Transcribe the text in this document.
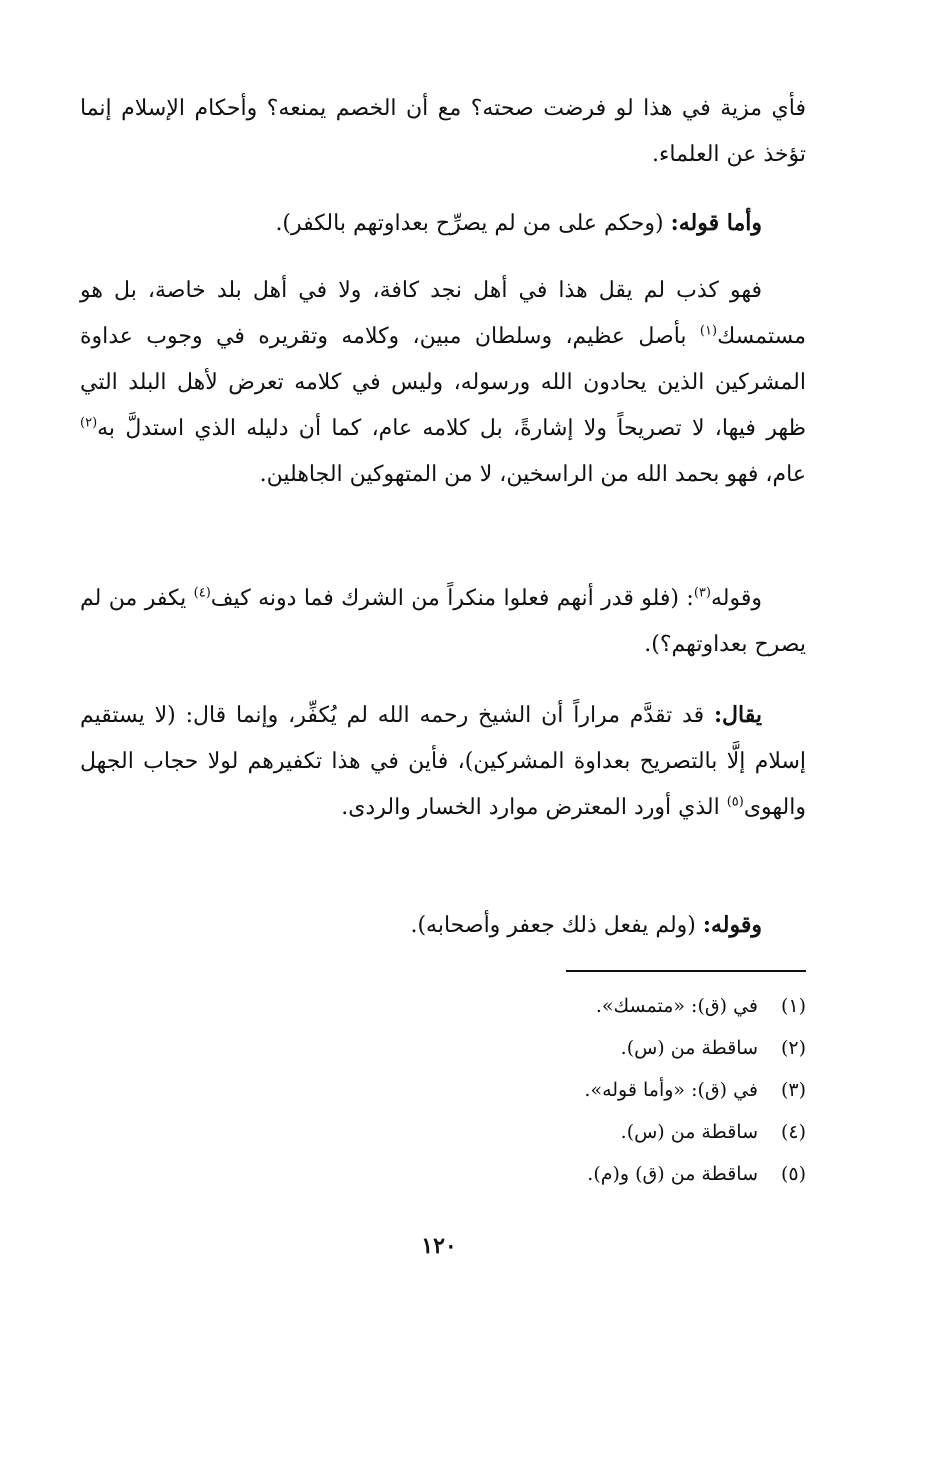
فأي مزية في هذا لو فرضت صحته؟ مع أن الخصم يمنعه؟ وأحكام الإسلام إنما تؤخذ عن العلماء.
وأما قوله: (وحكم على من لم يصرِّح بعداوتهم بالكفر).
فهو كذب لم يقل هذا في أهل نجد كافة، ولا في أهل بلد خاصة، بل هو مستمسك$^{(١)}$ بأصل عظيم، وسلطان مبين، وكلامه وتقريره في وجوب عداوة المشركين الذين يحادون الله ورسوله، وليس في كلامه تعرض لأهل البلد التي ظهر فيها، لا تصريحاً ولا إشارةً، بل كلامه عام، كما أن دليله الذي استدلَّ به$^{(٢)}$ عام، فهو بحمد الله من الراسخين، لا من المتهوكين الجاهلين.
وقوله$^{(٣)}$: (فلو قدر أنهم فعلوا منكراً من الشرك فما دونه كيف$^{(٤)}$ يكفر من لم يصرح بعداوتهم؟).
يقال: قد تقدَّم مراراً أن الشيخ رحمه الله لم يُكفِّر، وإنما قال: (لا يستقيم إسلام إلَّا بالتصريح بعداوة المشركين)، فأين في هذا تكفيرهم لولا حجاب الجهل والهوى$^{(٥)}$ الذي أورد المعترض موارد الخسار والردى.
وقوله: (ولم يفعل ذلك جعفر وأصحابه).
(١)
في (ق): «متمسك».
(٢)
ساقطة من (س).
(٣)
في (ق): «وأما قوله».
(٤)
ساقطة من (س).
(٥)
ساقطة من (ق) و(م).
١٢٠
